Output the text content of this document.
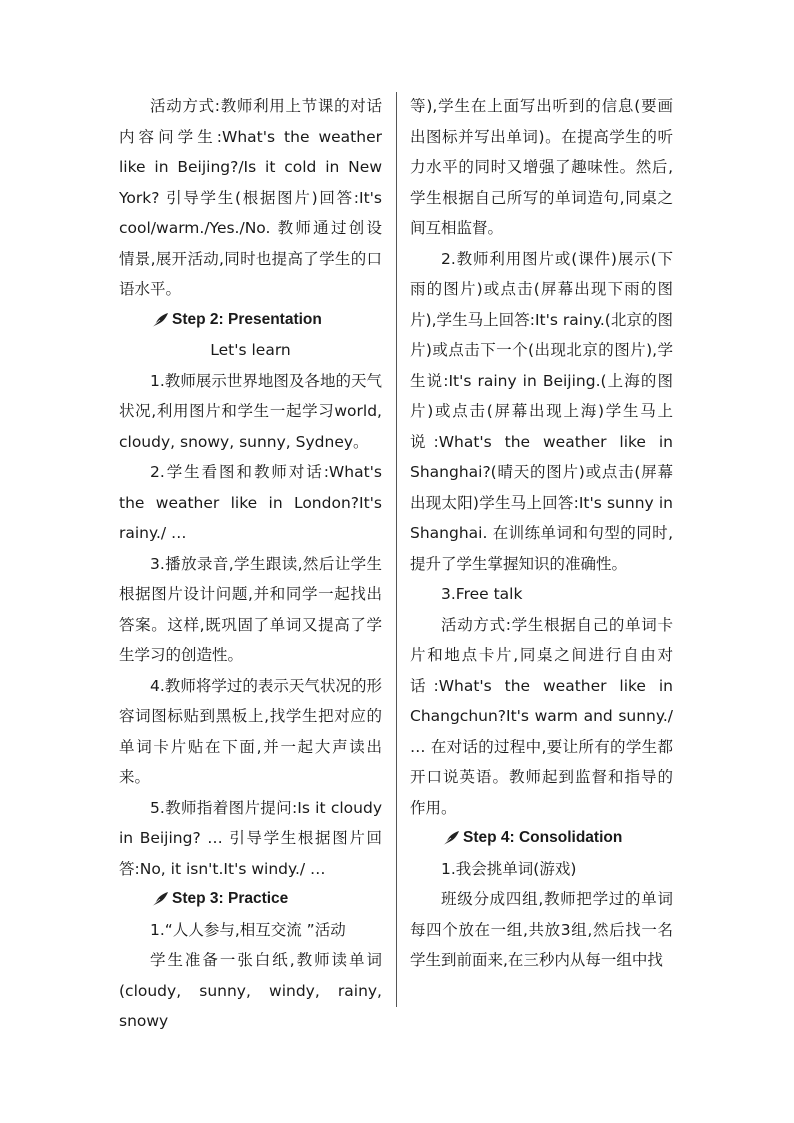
活动方式:教师利用上节课的对话内容问学生:What's the weather like in Beijing?/Is it cold in New York? 引导学生(根据图片)回答:It's cool/warm./Yes./No. 教师通过创设情景,展开活动,同时也提高了学生的口语水平。

Step 2: Presentation

Let's learn

1.教师展示世界地图及各地的天气状况,利用图片和学生一起学习world, cloudy, snowy, sunny, Sydney。

2.学生看图和教师对话:What's the weather like in London?It's rainy./ …

3.播放录音,学生跟读,然后让学生根据图片设计问题,并和同学一起找出答案。这样,既巩固了单词又提高了学生学习的创造性。

4.教师将学过的表示天气状况的形容词图标贴到黑板上,找学生把对应的单词卡片贴在下面,并一起大声读出来。

5.教师指着图片提问:Is it cloudy in Beijing? … 引导学生根据图片回答:No, it isn't.It's windy./ …

Step 3: Practice

1.“人人参与,相互交流 ”活动

学生准备一张白纸,教师读单词(cloudy, sunny, windy, rainy, snowy

等),学生在上面写出听到的信息(要画出图标并写出单词)。在提高学生的听力水平的同时又增强了趣味性。然后,学生根据自己所写的单词造句,同桌之间互相监督。

2.教师利用图片或(课件)展示(下雨的图片)或点击(屏幕出现下雨的图片),学生马上回答:It's rainy.(北京的图片)或点击下一个(出现北京的图片),学生说:It's rainy in Beijing.(上海的图片)或点击(屏幕出现上海)学生马上说:What's the weather like in Shanghai?(晴天的图片)或点击(屏幕出现太阳)学生马上回答:It's sunny in Shanghai. 在训练单词和句型的同时,提升了学生掌握知识的准确性。

3.Free talk

活动方式:学生根据自己的单词卡片和地点卡片,同桌之间进行自由对话:What's the weather like in Changchun?It's warm and sunny./ … 在对话的过程中,要让所有的学生都开口说英语。教师起到监督和指导的作用。

Step 4: Consolidation

1.我会挑单词(游戏)

班级分成四组,教师把学过的单词每四个放在一组,共放3组,然后找一名学生到前面来,在三秒内从每一组中找
